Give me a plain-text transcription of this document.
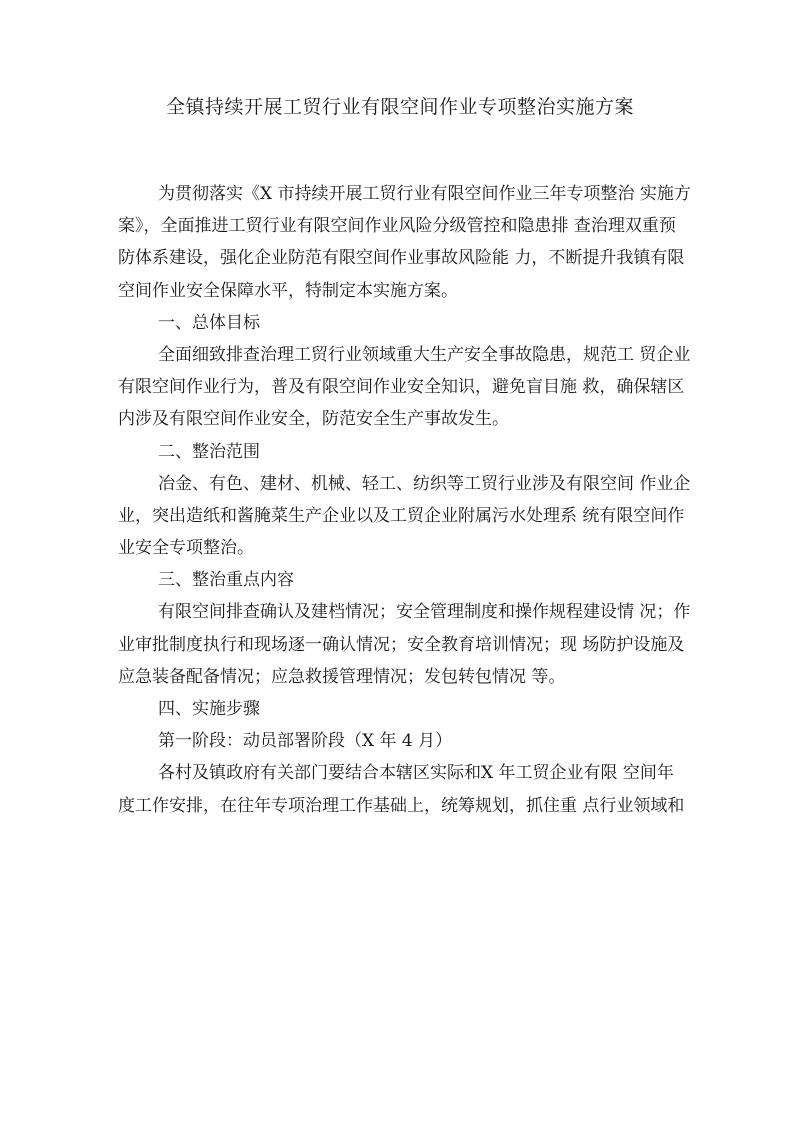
全镇持续开展工贸行业有限空间作业专项整治实施方案
为贯彻落实《X 市持续开展工贸行业有限空间作业三年专项整治 实施方
案》，全面推进工贸行业有限空间作业风险分级管控和隐患排 查治理双重预
防体系建设，强化企业防范有限空间作业事故风险能 力，不断提升我镇有限
空间作业安全保障水平，特制定本实施方案。
一、总体目标
全面细致排查治理工贸行业领域重大生产安全事故隐患，规范工 贸企业
有限空间作业行为，普及有限空间作业安全知识，避免盲目施 救，确保辖区
内涉及有限空间作业安全，防范安全生产事故发生。
二、整治范围
冶金、有色、建材、机械、轻工、纺织等工贸行业涉及有限空间 作业企
业，突出造纸和酱腌菜生产企业以及工贸企业附属污水处理系 统有限空间作
业安全专项整治。
三、整治重点内容
有限空间排查确认及建档情况；安全管理制度和操作规程建设情 况；作
业审批制度执行和现场逐一确认情况；安全教育培训情况；现 场防护设施及
应急装备配备情况；应急救援管理情况；发包转包情况 等。
四、实施步骤
第一阶段：动员部署阶段（X 年 4 月）
各村及镇政府有关部门要结合本辖区实际和X 年工贸企业有限 空间年
度工作安排，在往年专项治理工作基础上，统筹规划，抓住重 点行业领域和
